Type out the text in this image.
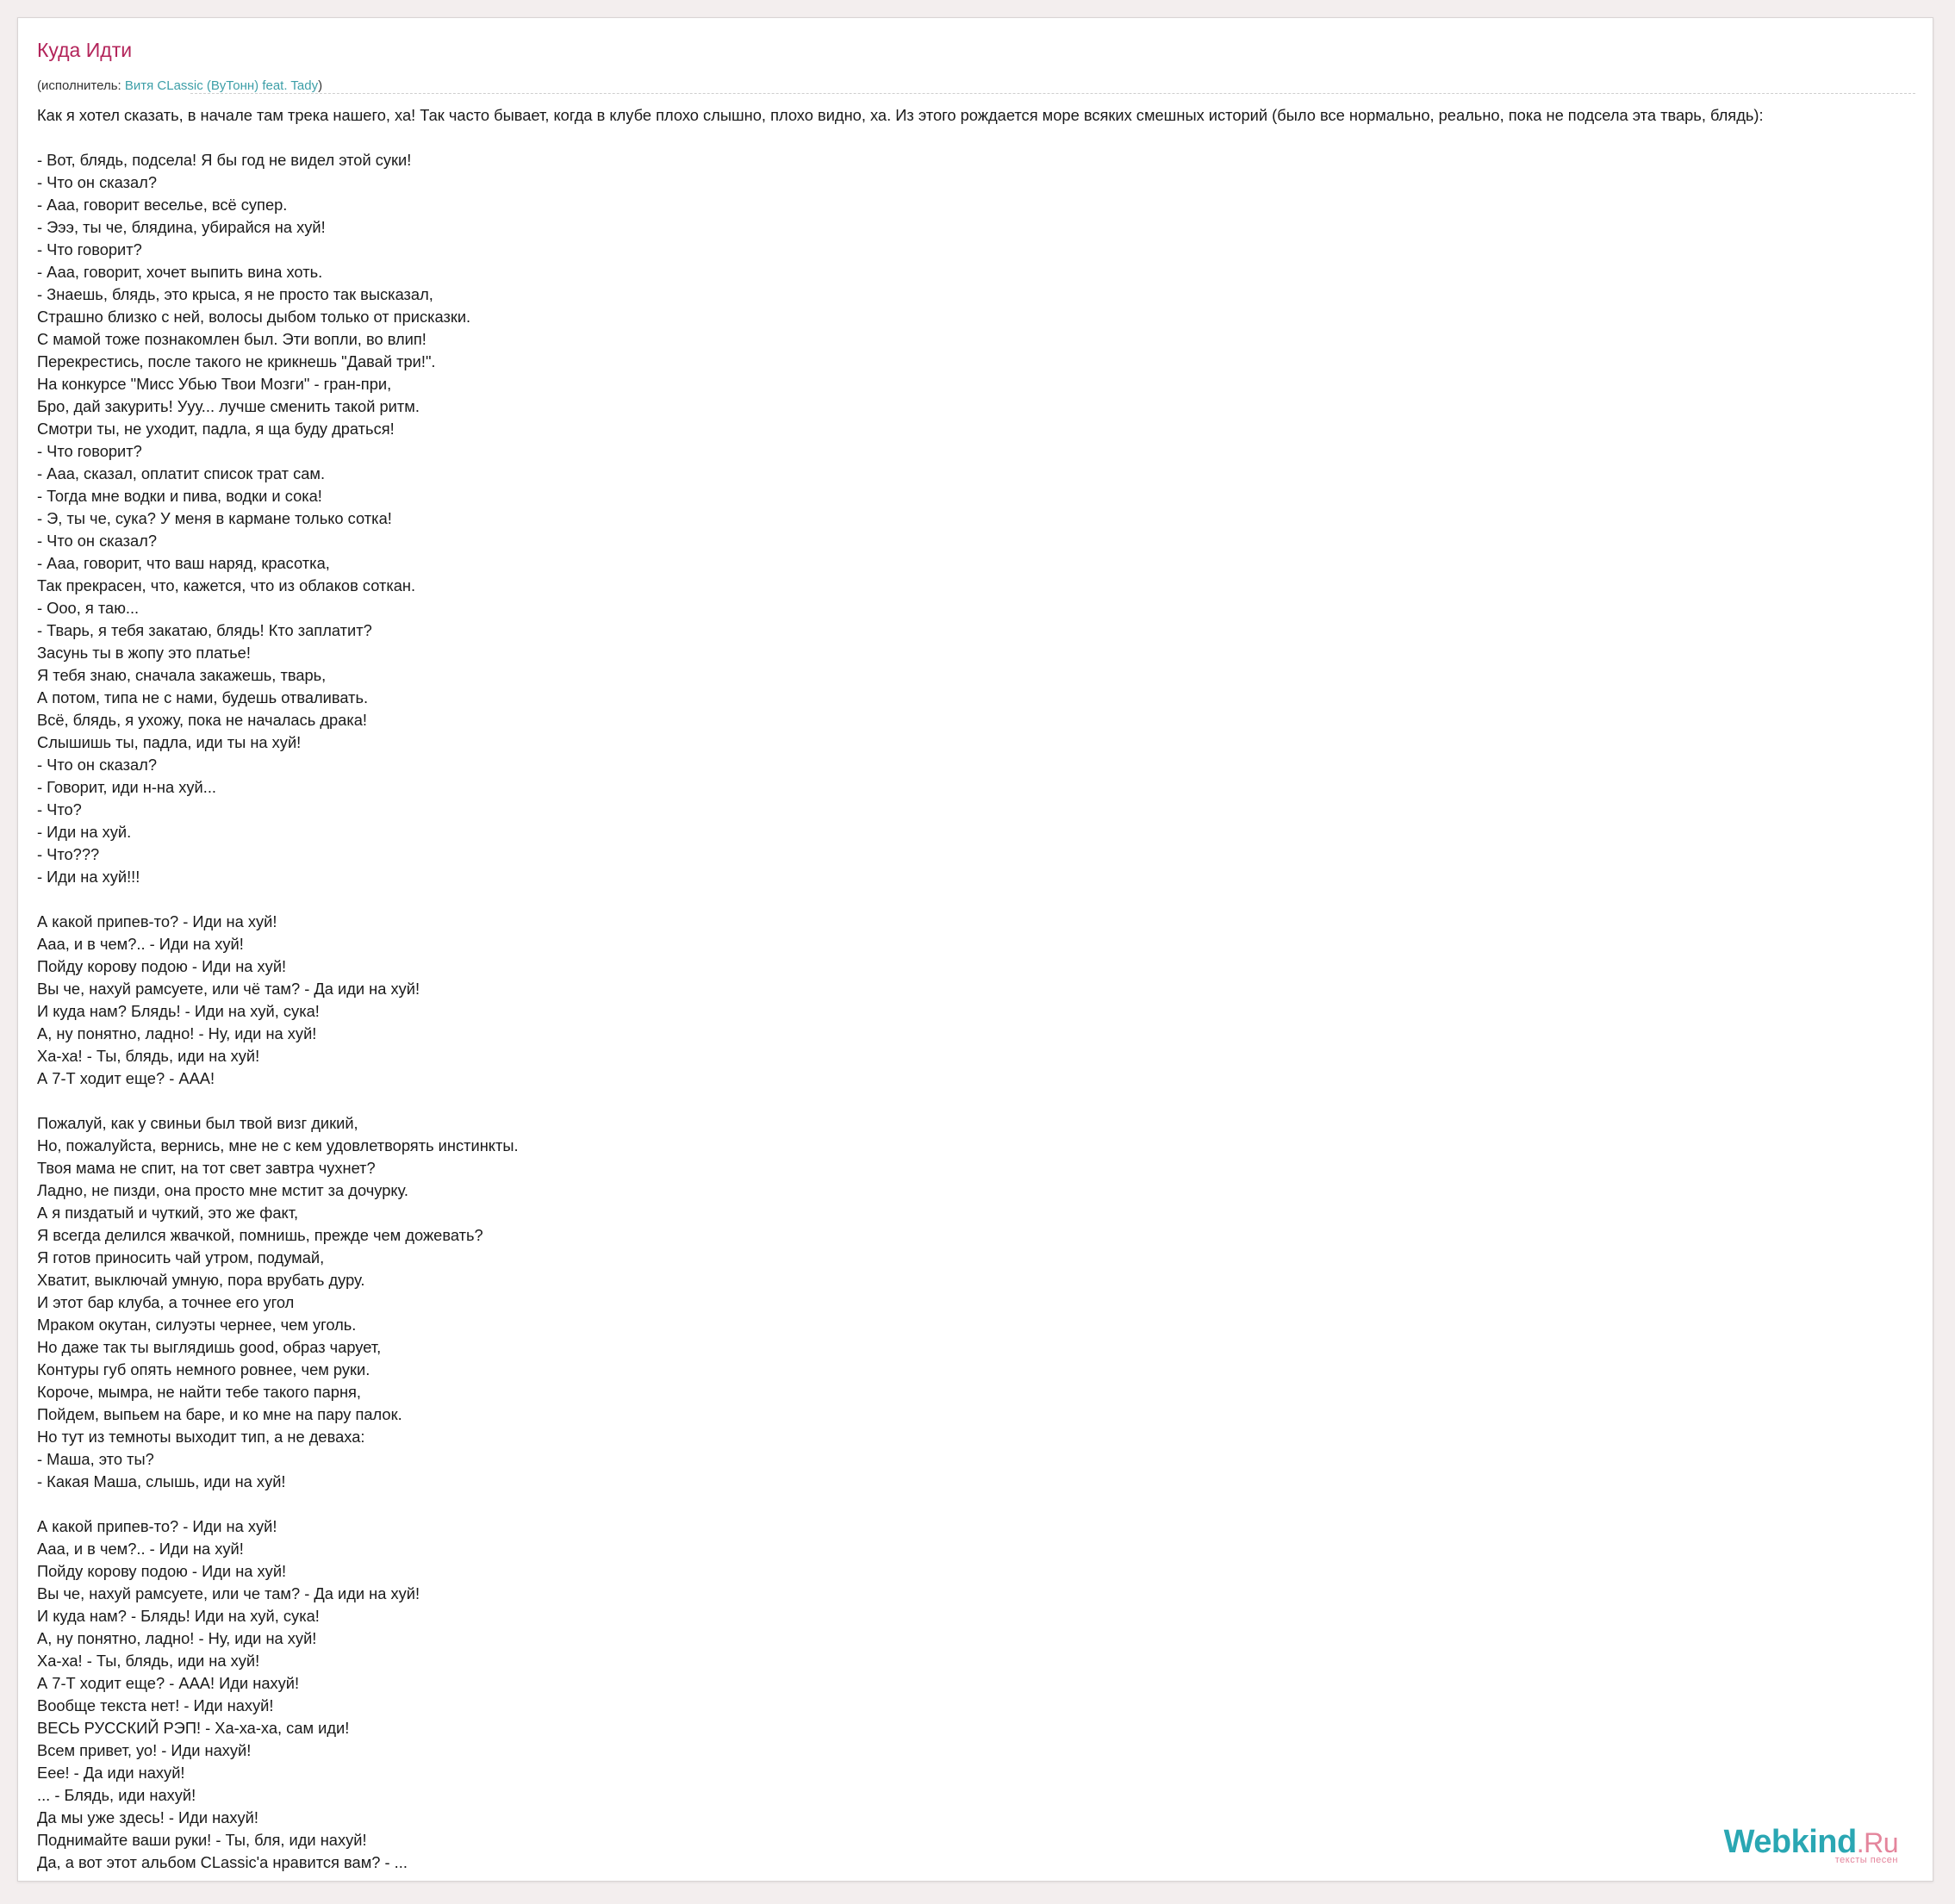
Куда Идти
(исполнитель: Витя CLassic (ВуТонн) feat. Tady)
Как я хотел сказать, в начале там трека нашего, ха! Так часто бывает, когда в клубе плохо слышно, плохо видно, ха. Из этого рождается море всяких смешных историй (было все нормально, реально, пока не подсела эта тварь, блядь):
- Вот, блядь, подсела! Я бы год не видел этой суки!
- Что он сказал?
- Ааа, говорит веселье, всё супер.
- Эээ, ты че, блядина, убирайся на хуй!
- Что говорит?
- Ааа, говорит, хочет выпить вина хоть.
- Знаешь, блядь, это крыса, я не просто так высказал,
Страшно близко с ней, волосы дыбом только от присказки.
С мамой тоже познакомлен был. Эти вопли, во влип!
Перекрестись, после такого не крикнешь "Давай три!".
На конкурсе "Мисс Убью Твои Мозги" - гран-при,
Бро, дай закурить! Ууу... лучше сменить такой ритм.
Смотри ты, не уходит, падла, я ща буду драться!
- Что говорит?
- Ааа, сказал, оплатит список трат сам.
- Тогда мне водки и пива, водки и сока!
- Э, ты че, сука? У меня в кармане только сотка!
- Что он сказал?
- Ааа, говорит, что ваш наряд, красотка,
Так прекрасен, что, кажется, что из облаков соткан.
- Ооо, я таю...
- Тварь, я тебя закатаю, блядь! Кто заплатит?
Засунь ты в жопу это платье!
Я тебя знаю, сначала закажешь, тварь,
А потом, типа не с нами, будешь отваливать.
Всё, блядь, я ухожу, пока не началась драка!
Слышишь ты, падла, иди ты на хуй!
- Что он сказал?
- Говорит, иди н-на хуй...
- Что?
- Иди на хуй.
- Что???
- Иди на хуй!!!
А какой припев-то? - Иди на хуй!
Ааа, и в чем?.. - Иди на хуй!
Пойду корову подою - Иди на хуй!
Вы че, нахуй рамсуете, или чё там? - Да иди на хуй!
И куда нам? Блядь! - Иди на хуй, сука!
А, ну понятно, ладно! - Ну, иди на хуй!
Ха-ха! - Ты, блядь, иди на хуй!
А 7-Т ходит еще? - ААА!
Пожалуй, как у свиньи был твой визг дикий,
Но, пожалуйста, вернись, мне не с кем удовлетворять инстинкты.
Твоя мама не спит, на тот свет завтра чухнет?
Ладно, не пизди, она просто мне мстит за дочурку.
А я пиздатый и чуткий, это же факт,
Я всегда делился жвачкой, помнишь, прежде чем дожевать?
Я готов приносить чай утром, подумай,
Хватит, выключай умную, пора врубать дуру.
И этот бар клуба, а точнее его угол
Мраком окутан, силуэты чернее, чем уголь.
Но даже так ты выглядишь good, образ чарует,
Контуры губ опять немного ровнее, чем руки.
Короче, мымра, не найти тебе такого парня,
Пойдем, выпьем на баре, и ко мне на пару палок.
Но тут из темноты выходит тип, а не деваха:
- Маша, это ты?
- Какая Маша, слышь, иди на хуй!
А какой припев-то? - Иди на хуй!
Ааа, и в чем?.. - Иди на хуй!
Пойду корову подою - Иди на хуй!
Вы че, нахуй рамсуете, или че там? - Да иди на хуй!
И куда нам? - Блядь! Иди на хуй, сука!
А, ну понятно, ладно! - Ну, иди на хуй!
Ха-ха! - Ты, блядь, иди на хуй!
А 7-Т ходит еще? - ААА! Иди нахуй!
Вообще текста нет! - Иди нахуй!
ВЕСЬ РУССКИЙ РЭП! - Ха-ха-ха, сам иди!
Всем привет, уо! - Иди нахуй!
Еее! - Да иди нахуй!
... - Блядь, иди нахуй!
Да мы уже здесь! - Иди нахуй!
Поднимайте ваши руки! - Ты, бля, иди нахуй!
Да, а вот этот альбом CLassic'a нравится вам? - ...
Webkind.Ru
тексты песен
